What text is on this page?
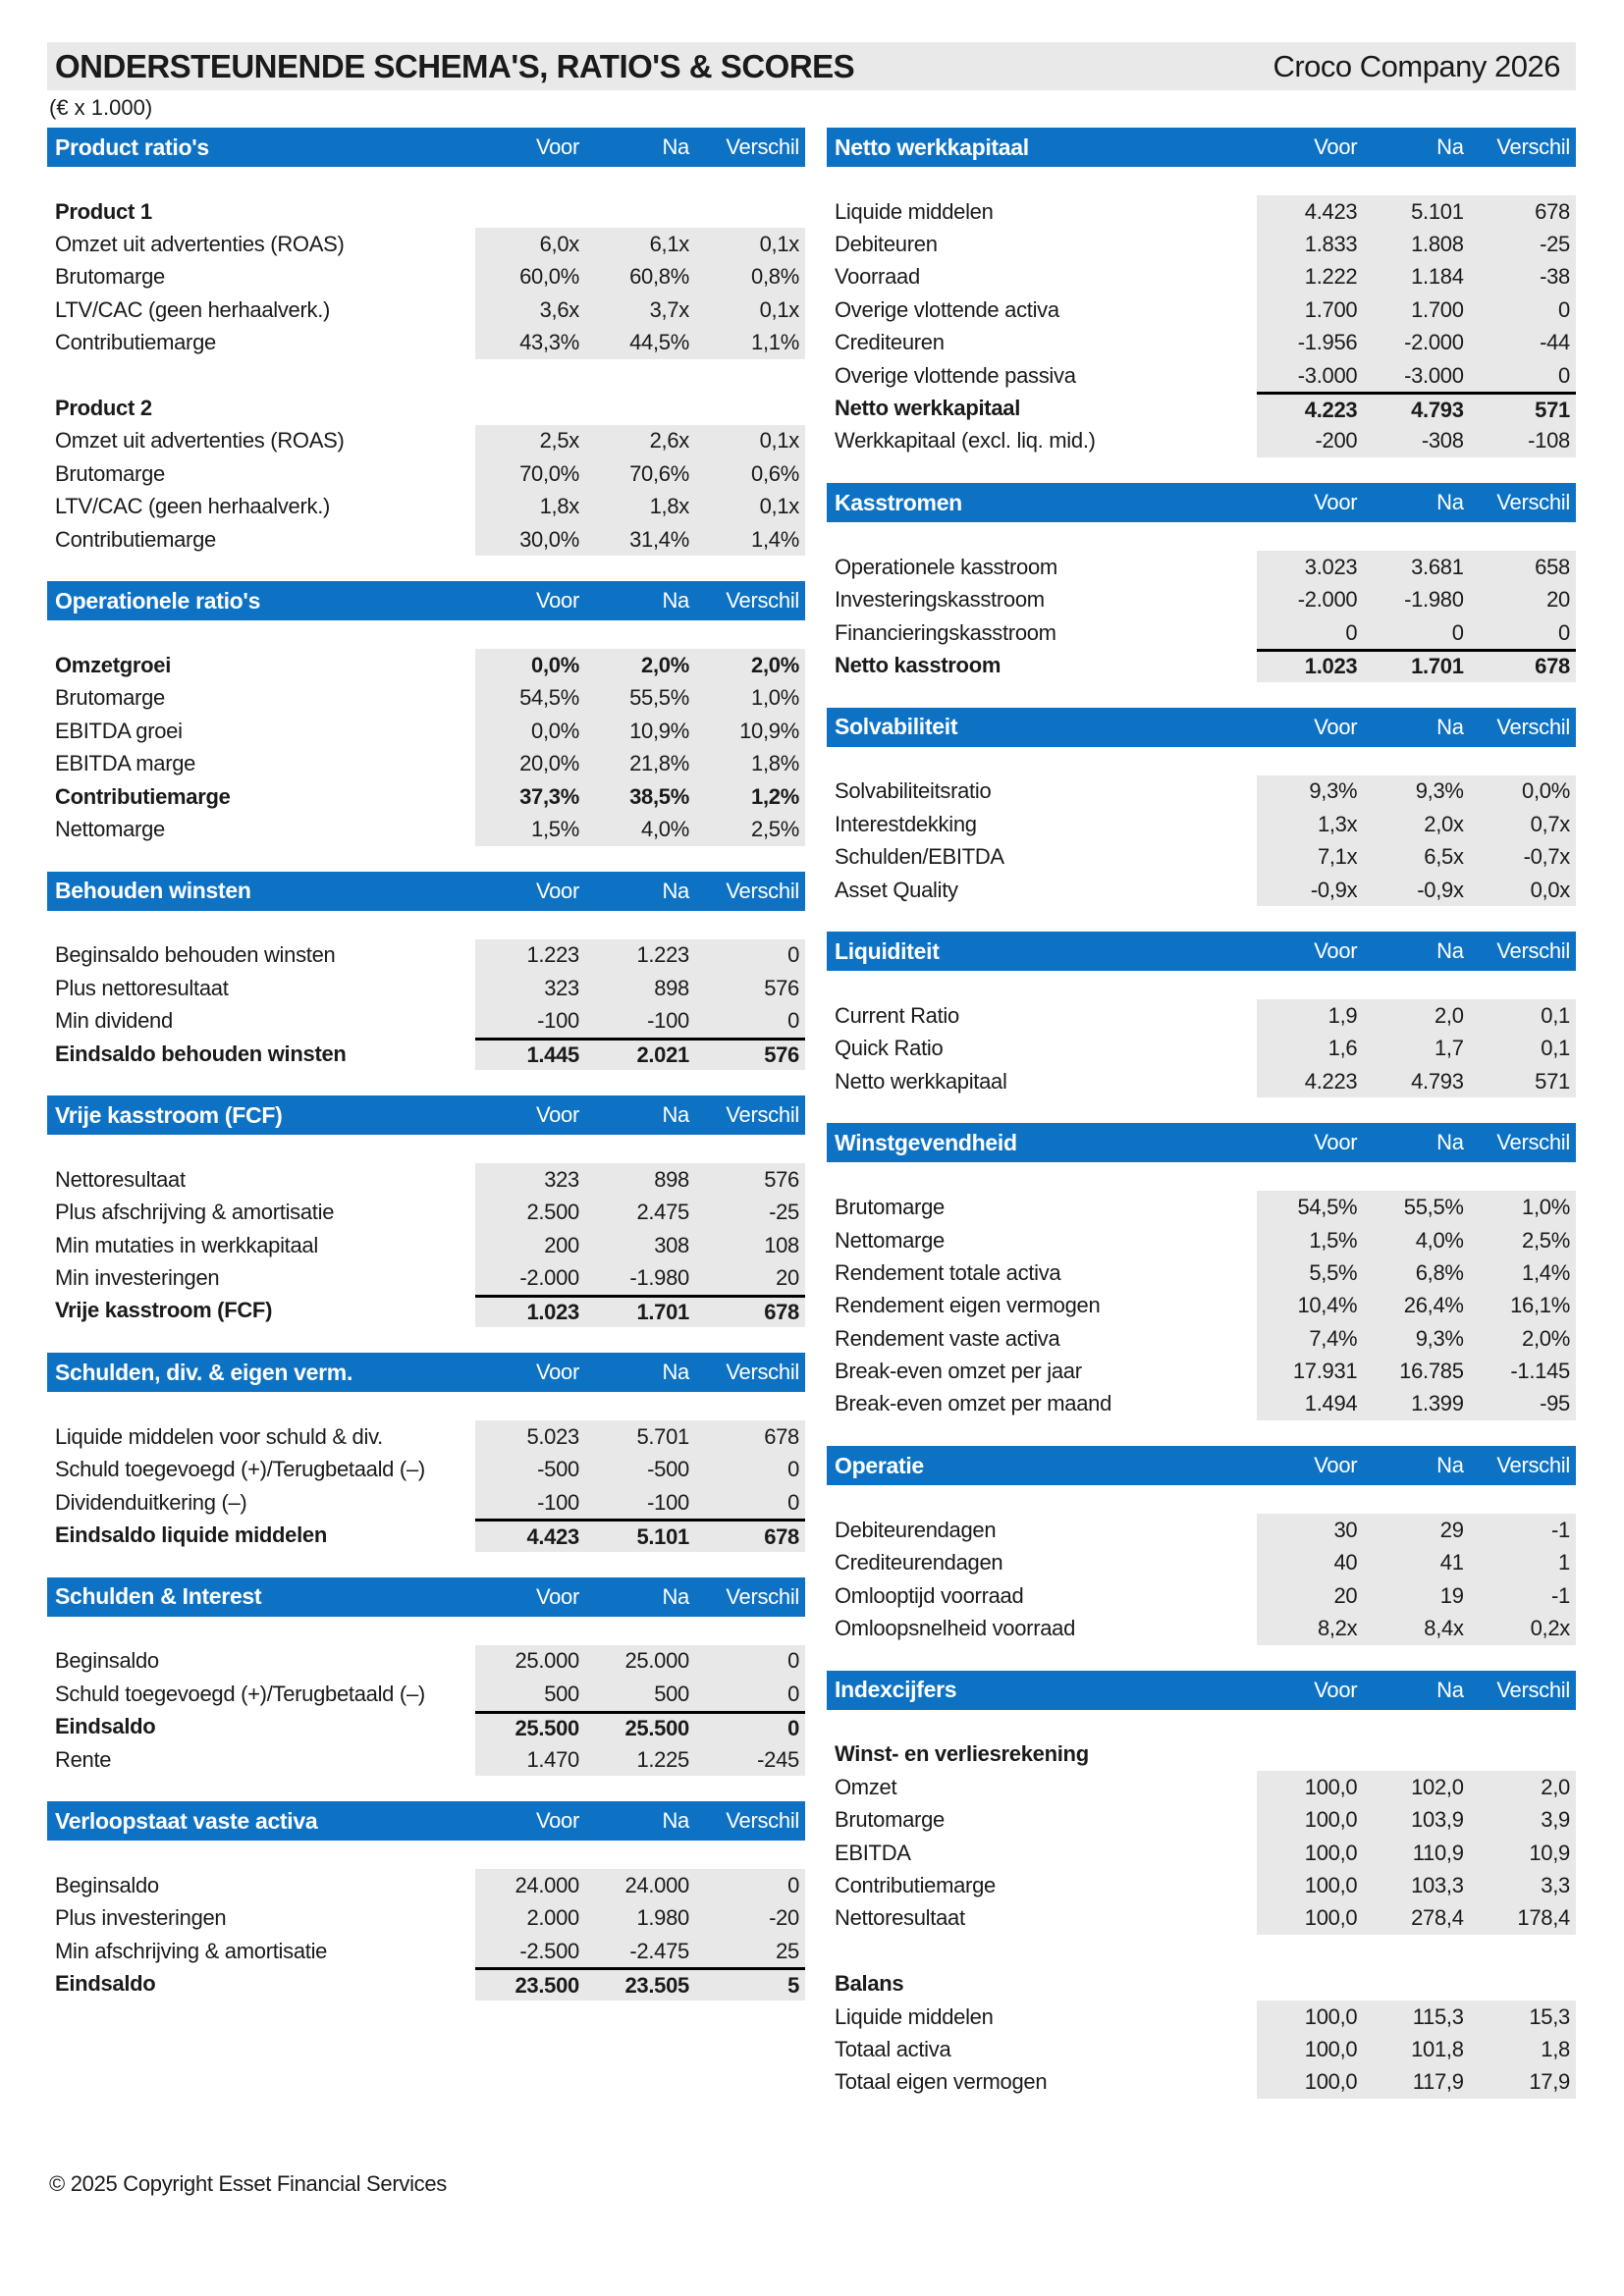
ONDERSTEUNENDE SCHEMA'S, RATIO'S & SCORES	Croco Company 2026
(€ x 1.000)
Product ratio's	Voor	Na	Verschil
Product 1
Omzet uit advertenties (ROAS)	6,0x	6,1x	0,1x
Brutomarge	60,0%	60,8%	0,8%
LTV/CAC (geen herhaalverk.)	3,6x	3,7x	0,1x
Contributiemarge	43,3%	44,5%	1,1%
Product 2
Omzet uit advertenties (ROAS)	2,5x	2,6x	0,1x
Brutomarge	70,0%	70,6%	0,6%
LTV/CAC (geen herhaalverk.)	1,8x	1,8x	0,1x
Contributiemarge	30,0%	31,4%	1,4%
Operationele ratio's	Voor	Na	Verschil
Omzetgroei	0,0%	2,0%	2,0%
Brutomarge	54,5%	55,5%	1,0%
EBITDA groei	0,0%	10,9%	10,9%
EBITDA marge	20,0%	21,8%	1,8%
Contributiemarge	37,3%	38,5%	1,2%
Nettomarge	1,5%	4,0%	2,5%
Behouden winsten	Voor	Na	Verschil
Beginsaldo behouden winsten	1.223	1.223	0
Plus nettoresultaat	323	898	576
Min dividend	-100	-100	0
Eindsaldo behouden winsten	1.445	2.021	576
Vrije kasstroom (FCF)	Voor	Na	Verschil
Nettoresultaat	323	898	576
Plus afschrijving & amortisatie	2.500	2.475	-25
Min mutaties in werkkapitaal	200	308	108
Min investeringen	-2.000	-1.980	20
Vrije kasstroom (FCF)	1.023	1.701	678
Schulden, div. & eigen verm.	Voor	Na	Verschil
Liquide middelen voor schuld & div.	5.023	5.701	678
Schuld toegevoegd (+)/Terugbetaald (–)	-500	-500	0
Dividenduitkering (–)	-100	-100	0
Eindsaldo liquide middelen	4.423	5.101	678
Schulden & Interest	Voor	Na	Verschil
Beginsaldo	25.000	25.000	0
Schuld toegevoegd (+)/Terugbetaald (–)	500	500	0
Eindsaldo	25.500	25.500	0
Rente	1.470	1.225	-245
Verloopstaat vaste activa	Voor	Na	Verschil
Beginsaldo	24.000	24.000	0
Plus investeringen	2.000	1.980	-20
Min afschrijving & amortisatie	-2.500	-2.475	25
Eindsaldo	23.500	23.505	5
Netto werkkapitaal	Voor	Na	Verschil
Liquide middelen	4.423	5.101	678
Debiteuren	1.833	1.808	-25
Voorraad	1.222	1.184	-38
Overige vlottende activa	1.700	1.700	0
Crediteuren	-1.956	-2.000	-44
Overige vlottende passiva	-3.000	-3.000	0
Netto werkkapitaal	4.223	4.793	571
Werkkapitaal (excl. liq. mid.)	-200	-308	-108
Kasstromen	Voor	Na	Verschil
Operationele kasstroom	3.023	3.681	658
Investeringskasstroom	-2.000	-1.980	20
Financieringskasstroom	0	0	0
Netto kasstroom	1.023	1.701	678
Solvabiliteit	Voor	Na	Verschil
Solvabiliteitsratio	9,3%	9,3%	0,0%
Interestdekking	1,3x	2,0x	0,7x
Schulden/EBITDA	7,1x	6,5x	-0,7x
Asset Quality	-0,9x	-0,9x	0,0x
Liquiditeit	Voor	Na	Verschil
Current Ratio	1,9	2,0	0,1
Quick Ratio	1,6	1,7	0,1
Netto werkkapitaal	4.223	4.793	571
Winstgevendheid	Voor	Na	Verschil
Brutomarge	54,5%	55,5%	1,0%
Nettomarge	1,5%	4,0%	2,5%
Rendement totale activa	5,5%	6,8%	1,4%
Rendement eigen vermogen	10,4%	26,4%	16,1%
Rendement vaste activa	7,4%	9,3%	2,0%
Break-even omzet per jaar	17.931	16.785	-1.145
Break-even omzet per maand	1.494	1.399	-95
Operatie	Voor	Na	Verschil
Debiteurendagen	30	29	-1
Crediteurendagen	40	41	1
Omlooptijd voorraad	20	19	-1
Omloopsnelheid voorraad	8,2x	8,4x	0,2x
Indexcijfers	Voor	Na	Verschil
Winst- en verliesrekening
Omzet	100,0	102,0	2,0
Brutomarge	100,0	103,9	3,9
EBITDA	100,0	110,9	10,9
Contributiemarge	100,0	103,3	3,3
Nettoresultaat	100,0	278,4	178,4
Balans
Liquide middelen	100,0	115,3	15,3
Totaal activa	100,0	101,8	1,8
Totaal eigen vermogen	100,0	117,9	17,9
© 2025 Copyright Esset Financial Services
